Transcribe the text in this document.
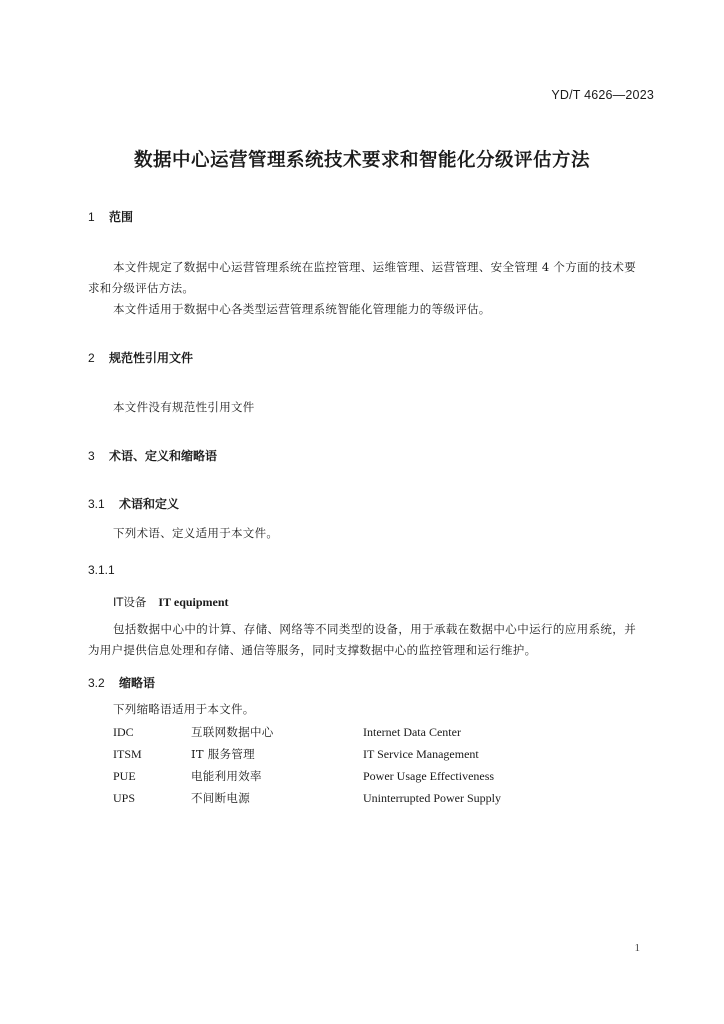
YD/T 4626—2023
数据中心运营管理系统技术要求和智能化分级评估方法
1 范围
本文件规定了数据中心运营管理系统在监控管理、运维管理、运营管理、安全管理 4 个方面的技术要求和分级评估方法。
本文件适用于数据中心各类型运营管理系统智能化管理能力的等级评估。
2 规范性引用文件
本文件没有规范性引用文件
3 术语、定义和缩略语
3.1 术语和定义
下列术语、定义适用于本文件。
3.1.1
IT设备 IT equipment
包括数据中心中的计算、存储、网络等不同类型的设备，用于承载在数据中心中运行的应用系统，并为用户提供信息处理和存储、通信等服务，同时支撑数据中心的监控管理和运行维护。
3.2 缩略语
下列缩略语适用于本文件。
IDC	互联网数据中心	Internet Data Center
ITSM	IT 服务管理	IT Service Management
PUE	电能利用效率	Power Usage Effectiveness
UPS	不间断电源	Uninterrupted Power Supply
1
